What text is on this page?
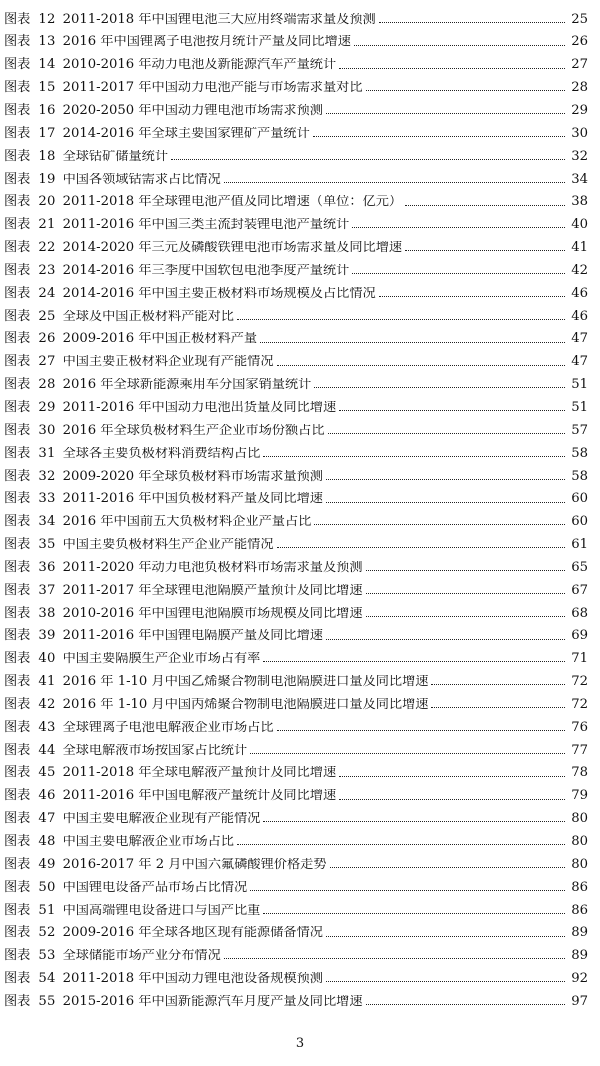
图表 12 2011-2018 年中国锂电池三大应用终端需求量及预测	25
图表 13 2016 年中国锂离子电池按月统计产量及同比增速	26
图表 14 2010-2016 年动力电池及新能源汽车产量统计	27
图表 15 2011-2017 年中国动力电池产能与市场需求量对比	28
图表 16 2020-2050 年中国动力锂电池市场需求预测	29
图表 17 2014-2016 年全球主要国家锂矿产量统计	30
图表 18 全球钴矿储量统计	32
图表 19 中国各领域钴需求占比情况	34
图表 20 2011-2018 年全球锂电池产值及同比增速（单位：亿元）	38
图表 21 2011-2016 年中国三类主流封装锂电池产量统计	40
图表 22 2014-2020 年三元及磷酸铁锂电池市场需求量及同比增速	41
图表 23 2014-2016 年三季度中国软包电池季度产量统计	42
图表 24 2014-2016 年中国主要正极材料市场规模及占比情况	46
图表 25 全球及中国正极材料产能对比	46
图表 26 2009-2016 年中国正极材料产量	47
图表 27 中国主要正极材料企业现有产能情况	47
图表 28 2016 年全球新能源乘用车分国家销量统计	51
图表 29 2011-2016 年中国动力电池出货量及同比增速	51
图表 30 2016 年全球负极材料生产企业市场份额占比	57
图表 31 全球各主要负极材料消费结构占比	58
图表 32 2009-2020 年全球负极材料市场需求量预测	58
图表 33 2011-2016 年中国负极材料产量及同比增速	60
图表 34 2016 年中国前五大负极材料企业产量占比	60
图表 35 中国主要负极材料生产企业产能情况	61
图表 36 2011-2020 年动力电池负极材料市场需求量及预测	65
图表 37 2011-2017 年全球锂电池隔膜产量预计及同比增速	67
图表 38 2010-2016 年中国锂电池隔膜市场规模及同比增速	68
图表 39 2011-2016 年中国锂电隔膜产量及同比增速	69
图表 40 中国主要隔膜生产企业市场占有率	71
图表 41 2016 年 1-10 月中国乙烯聚合物制电池隔膜进口量及同比增速	72
图表 42 2016 年 1-10 月中国丙烯聚合物制电池隔膜进口量及同比增速	72
图表 43 全球锂离子电池电解液企业市场占比	76
图表 44 全球电解液市场按国家占比统计	77
图表 45 2011-2018 年全球电解液产量预计及同比增速	78
图表 46 2011-2016 年中国电解液产量统计及同比增速	79
图表 47 中国主要电解液企业现有产能情况	80
图表 48 中国主要电解液企业市场占比	80
图表 49 2016-2017 年 2 月中国六氟磷酸锂价格走势	80
图表 50 中国锂电设备产品市场占比情况	86
图表 51 中国高端锂电设备进口与国产比重	86
图表 52 2009-2016 年全球各地区现有能源储备情况	89
图表 53 全球储能市场产业分布情况	89
图表 54 2011-2018 年中国动力锂电池设备规模预测	92
图表 55 2015-2016 年中国新能源汽车月度产量及同比增速	97
3
